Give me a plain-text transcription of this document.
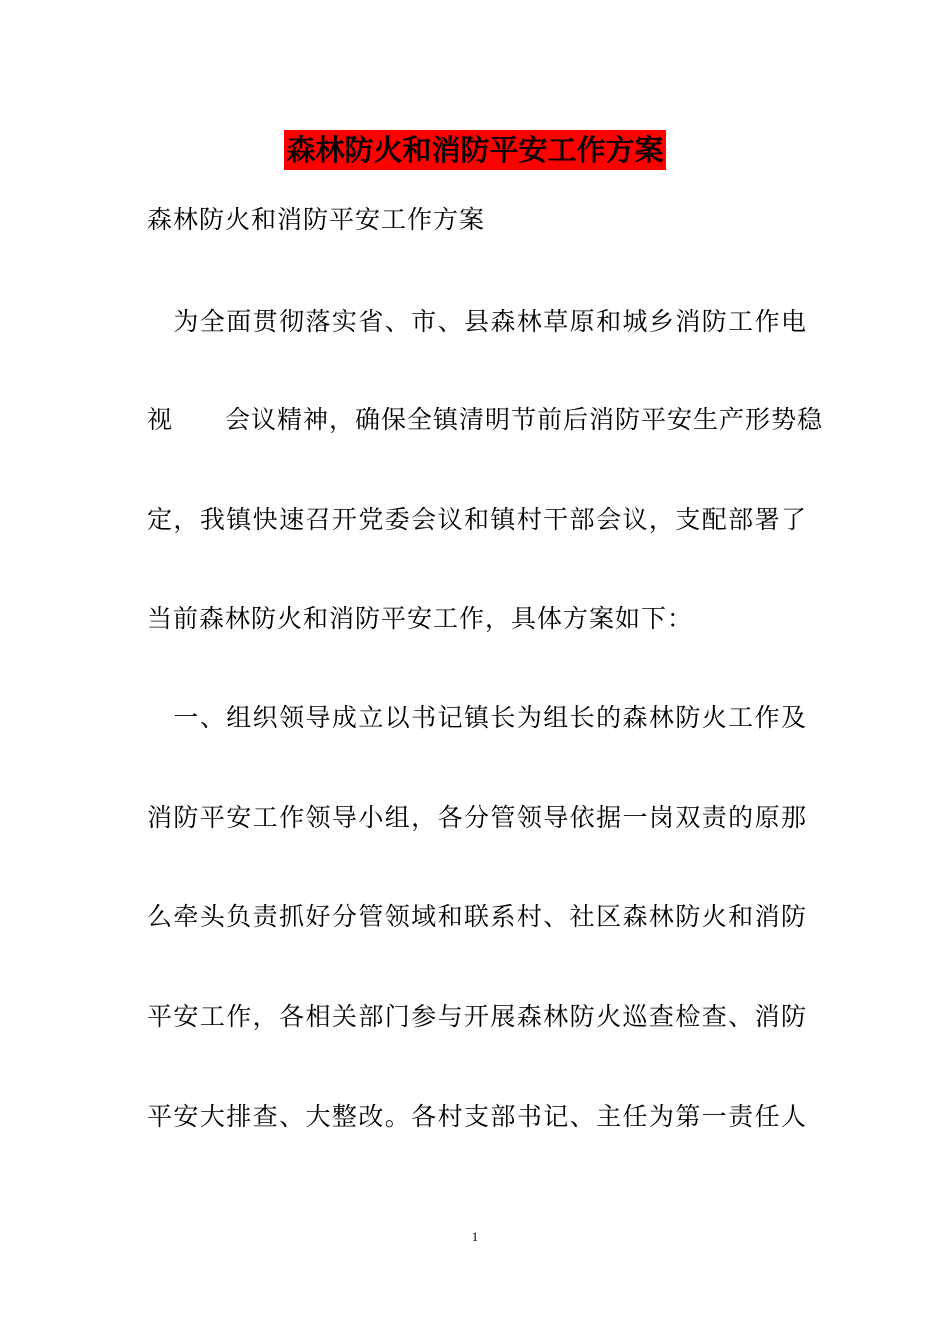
森林防火和消防平安工作方案
森林防火和消防平安工作方案
　为全面贯彻落实省、市、县森林草原和城乡消防工作电
视　　会议精神，确保全镇清明节前后消防平安生产形势稳
定，我镇快速召开党委会议和镇村干部会议，支配部署了
当前森林防火和消防平安工作，具体方案如下：
　一、组织领导成立以书记镇长为组长的森林防火工作及
消防平安工作领导小组，各分管领导依据一岗双责的原那
么牵头负责抓好分管领域和联系村、社区森林防火和消防
平安工作，各相关部门参与开展森林防火巡查检查、消防
平安大排查、大整改。各村支部书记、主任为第一责任人
1
